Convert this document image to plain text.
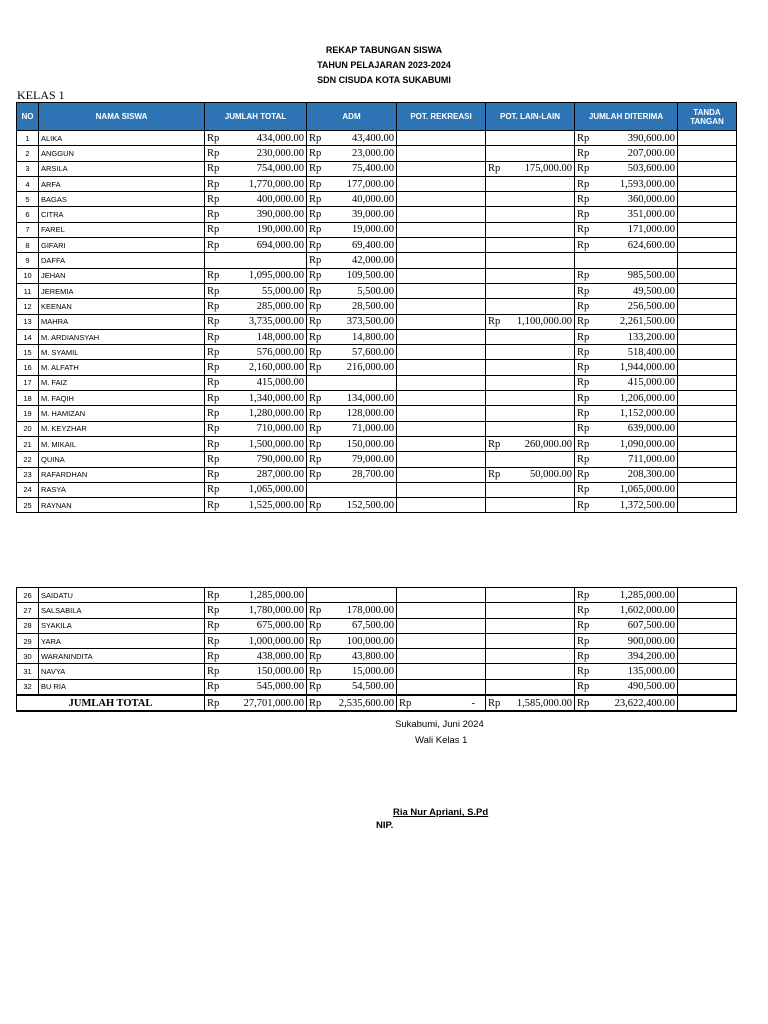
REKAP TABUNGAN SISWA
TAHUN PELAJARAN 2023-2024
SDN CISUDA KOTA SUKABUMI
KELAS 1
NO	NAMA SISWA	JUMLAH TOTAL	ADM	POT. REKREASI	POT. LAIN-LAIN	JUMLAH DITERIMA	TANDA TANGAN
1	ALIKA	Rp 434,000.00	Rp 43,400.00			Rp 390,600.00	

2	ANGGUN	Rp 230,000.00	Rp 23,000.00			Rp 207,000.00	

3	ARSILA	Rp 754,000.00	Rp 75,400.00		Rp 175,000.00	Rp 503,600.00	

4	ARFA	Rp 1,770,000.00	Rp 177,000.00			Rp 1,593,000.00	

5	BAGAS	Rp 400,000.00	Rp 40,000.00			Rp 360,000.00	

6	CITRA	Rp 390,000.00	Rp 39,000.00			Rp 351,000.00	

7	FAREL	Rp 190,000.00	Rp 19,000.00			Rp 171,000.00	

8	GIFARI	Rp 694,000.00	Rp 69,400.00			Rp 624,600.00	

9	DAFFA		Rp 42,000.00				

10	JEHAN	Rp 1,095,000.00	Rp 109,500.00			Rp 985,500.00	

11	JEREMIA	Rp 55,000.00	Rp 5,500.00			Rp 49,500.00	

12	KEENAN	Rp 285,000.00	Rp 28,500.00			Rp 256,500.00	

13	MAHRA	Rp 3,735,000.00	Rp 373,500.00		Rp 1,100,000.00	Rp 2,261,500.00	

14	M. ARDIANSYAH	Rp 148,000.00	Rp 14,800.00			Rp 133,200.00	

15	M. SYAMIL	Rp 576,000.00	Rp 57,600.00			Rp 518,400.00	

16	M. ALFATH	Rp 2,160,000.00	Rp 216,000.00			Rp 1,944,000.00	

17	M. FAIZ	Rp 415,000.00				Rp 415,000.00	

18	M. FAQIH	Rp 1,340,000.00	Rp 134,000.00			Rp 1,206,000.00	

19	M. HAMIZAN	Rp 1,280,000.00	Rp 128,000.00			Rp 1,152,000.00	

20	M. KEYZHAR	Rp 710,000.00	Rp 71,000.00			Rp 639,000.00	

21	M. MIKAIL	Rp 1,500,000.00	Rp 150,000.00		Rp 260,000.00	Rp 1,090,000.00	

22	QUINA	Rp 790,000.00	Rp 79,000.00			Rp 711,000.00	

23	RAFARDHAN	Rp 287,000.00	Rp 28,700.00		Rp 50,000.00	Rp 208,300.00	

24	RASYA	Rp 1,065,000.00				Rp 1,065,000.00	

25	RAYNAN	Rp 1,525,000.00	Rp 152,500.00			Rp 1,372,500.00	

26	SAIDATU	Rp 1,285,000.00				Rp 1,285,000.00	

27	SALSABILA	Rp 1,780,000.00	Rp 178,000.00			Rp 1,602,000.00	

28	SYAKILA	Rp 675,000.00	Rp 67,500.00			Rp 607,500.00	

29	YARA	Rp 1,000,000.00	Rp 100,000.00			Rp 900,000.00	

30	WARANINDITA	Rp 438,000.00	Rp 43,800.00			Rp 394,200.00	

31	NAVYA	Rp 150,000.00	Rp 15,000.00			Rp 135,000.00	

32	BU RIA	Rp 545,000.00	Rp 54,500.00			Rp 490,500.00	

JUMLAH TOTAL		Rp 27,701,000.00	Rp 2,535,600.00	Rp -	Rp 1,585,000.00	Rp 23,622,400.00	

Sukabumi, Juni 2024
Wali Kelas 1
Ria Nur Apriani, S.Pd
NIP.
